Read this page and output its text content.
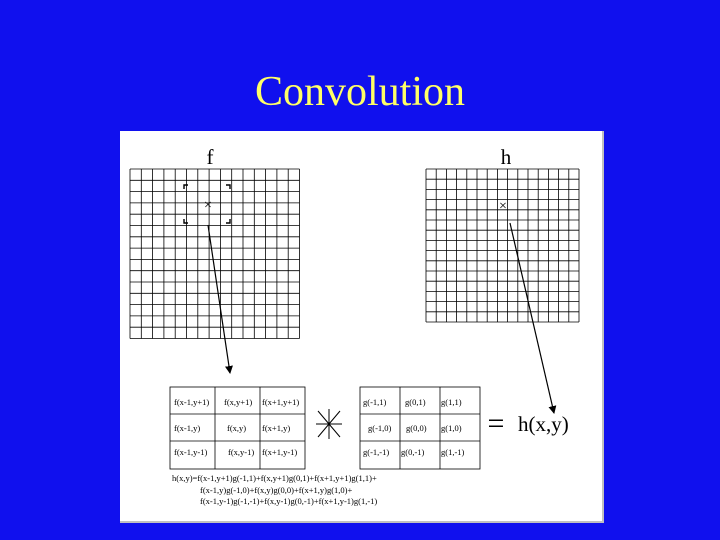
Convolution
f	h
×	×
f(x-1,y+1) f(x,y+1) f(x+1,y+1)
f(x-1,y)	f(x,y) f(x+1,y)
f(x-1,y-1) f(x,y-1) f(x+1,y-1)
g(-1,1) g(0,1) g(1,1)
g(-1,0) g(0,0) g(1,0)
g(-1,-1) g(0,-1) g(1,-1)
= h(x,y)
h(x,y)=f(x-1,y+1)g(-1,1)+f(x,y+1)g(0,1)+f(x+1,y+1)g(1,1)+
f(x-1,y)g(-1,0)+f(x,y)g(0,0)+f(x+1,y)g(1,0)+
f(x-1,y-1)g(-1,-1)+f(x,y-1)g(0,-1)+f(x+1,y-1)g(1,-1)
